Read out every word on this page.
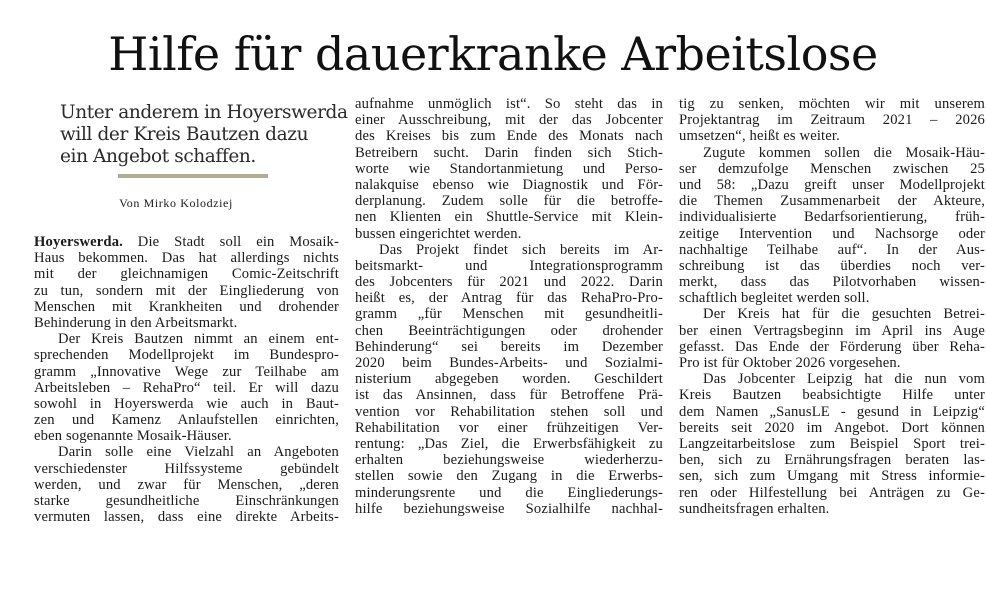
Hilfe für dauerkranke Arbeitslose
Unter anderem in Hoyerswerda
will der Kreis Bautzen dazu
ein Angebot schaffen.
Von Mirko Kolodziej
Hoyerswerda. Die Stadt soll ein Mosaik-
Haus bekommen. Das hat allerdings nichts
mit der gleichnamigen Comic-Zeitschrift
zu tun, sondern mit der Eingliederung von
Menschen mit Krankheiten und drohender
Behinderung in den Arbeitsmarkt.
Der Kreis Bautzen nimmt an einem ent-
sprechenden Modellprojekt im Bundespro-
gramm „Innovative Wege zur Teilhabe am
Arbeitsleben – RehaPro“ teil. Er will dazu
sowohl in Hoyerswerda wie auch in Baut-
zen und Kamenz Anlaufstellen einrichten,
eben sogenannte Mosaik-Häuser.
Darin solle eine Vielzahl an Angeboten
verschiedenster Hilfssysteme gebündelt
werden, und zwar für Menschen, „deren
starke gesundheitliche Einschränkungen
vermuten lassen, dass eine direkte Arbeits-
aufnahme unmöglich ist“. So steht das in
einer Ausschreibung, mit der das Jobcenter
des Kreises bis zum Ende des Monats nach
Betreibern sucht. Darin finden sich Stich-
worte wie Standortanmietung und Perso-
nalakquise ebenso wie Diagnostik und För-
derplanung. Zudem solle für die betroffe-
nen Klienten ein Shuttle-Service mit Klein-
bussen eingerichtet werden.
Das Projekt findet sich bereits im Ar-
beitsmarkt- und Integrationsprogramm
des Jobcenters für 2021 und 2022. Darin
heißt es, der Antrag für das RehaPro-Pro-
gramm „für Menschen mit gesundheitli-
chen Beeinträchtigungen oder drohender
Behinderung“ sei bereits im Dezember
2020 beim Bundes-Arbeits- und Sozialmi-
nisterium abgegeben worden. Geschildert
ist das Ansinnen, dass für Betroffene Prä-
vention vor Rehabilitation stehen soll und
Rehabilitation vor einer frühzeitigen Ver-
rentung: „Das Ziel, die Erwerbsfähigkeit zu
erhalten beziehungsweise wiederherzu-
stellen sowie den Zugang in die Erwerbs-
minderungsrente und die Eingliederungs-
hilfe beziehungsweise Sozialhilfe nachhal-
tig zu senken, möchten wir mit unserem
Projektantrag im Zeitraum 2021 – 2026
umsetzen“, heißt es weiter.
Zugute kommen sollen die Mosaik-Häu-
ser demzufolge Menschen zwischen 25
und 58: „Dazu greift unser Modellprojekt
die Themen Zusammenarbeit der Akteure,
individualisierte Bedarfsorientierung, früh-
zeitige Intervention und Nachsorge oder
nachhaltige Teilhabe auf“. In der Aus-
schreibung ist das überdies noch ver-
merkt, dass das Pilotvorhaben wissen-
schaftlich begleitet werden soll.
Der Kreis hat für die gesuchten Betrei-
ber einen Vertragsbeginn im April ins Auge
gefasst. Das Ende der Förderung über Reha-
Pro ist für Oktober 2026 vorgesehen.
Das Jobcenter Leipzig hat die nun vom
Kreis Bautzen beabsichtigte Hilfe unter
dem Namen „SanusLE - gesund in Leipzig“
bereits seit 2020 im Angebot. Dort können
Langzeitarbeitslose zum Beispiel Sport trei-
ben, sich zu Ernährungsfragen beraten las-
sen, sich zum Umgang mit Stress informie-
ren oder Hilfestellung bei Anträgen zu Ge-
sundheitsfragen erhalten.
